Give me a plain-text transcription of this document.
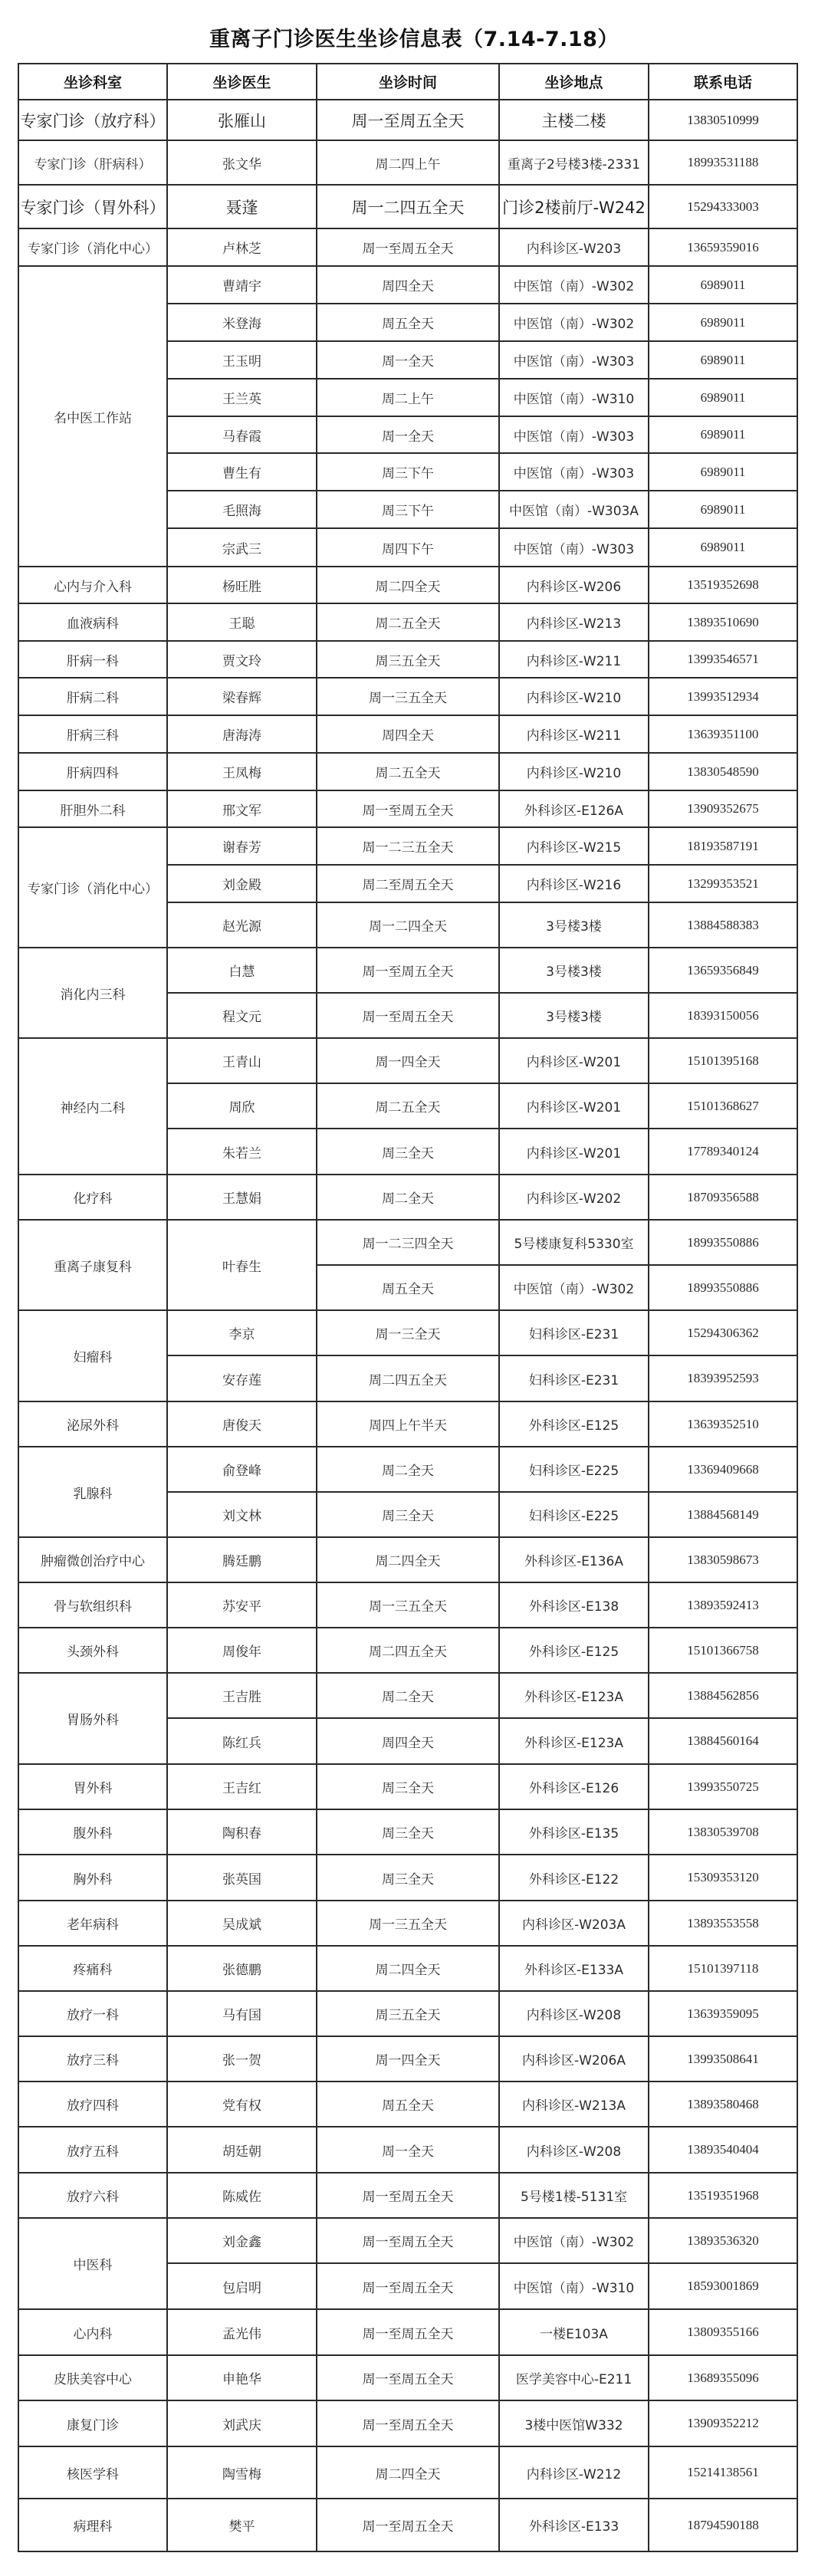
重离子门诊医生坐诊信息表（7.14-7.18）
坐诊科室	坐诊医生	坐诊时间	坐诊地点	联系电话
专家门诊（放疗科）	张雁山	周一至周五全天	主楼二楼	13830510999
专家门诊（肝病科）	张文华	周二四上午	重离子2号楼3楼-2331	18993531188
专家门诊（胃外科）	聂蓬	周一二四五全天	门诊2楼前厅-W242	15294333003
专家门诊（消化中心）	卢林芝	周一至周五全天	内科诊区-W203	13659359016
名中医工作站	曹靖宇	周四全天	中医馆（南）-W302	6989011
	米登海	周五全天	中医馆（南）-W302	6989011
	王玉明	周一全天	中医馆（南）-W303	6989011
	王兰英	周二上午	中医馆（南）-W310	6989011
	马春霞	周一全天	中医馆（南）-W303	6989011
	曹生有	周三下午	中医馆（南）-W303	6989011
	毛照海	周三下午	中医馆（南）-W303A	6989011
	宗武三	周四下午	中医馆（南）-W303	6989011
心内与介入科	杨旺胜	周二四全天	内科诊区-W206	13519352698
血液病科	王聪	周二五全天	内科诊区-W213	13893510690
肝病一科	贾文玲	周三五全天	内科诊区-W211	13993546571
肝病二科	梁春辉	周一三五全天	内科诊区-W210	13993512934
肝病三科	唐海涛	周四全天	内科诊区-W211	13639351100
肝病四科	王凤梅	周二五全天	内科诊区-W210	13830548590
肝胆外二科	邢文军	周一至周五全天	外科诊区-E126A	13909352675
专家门诊（消化中心）	谢春芳	周一二三五全天	内科诊区-W215	18193587191
	刘金殿	周二至周五全天	内科诊区-W216	13299353521
	赵光源	周一二四全天	3号楼3楼	13884588383
消化内三科	白慧	周一至周五全天	3号楼3楼	13659356849
	程文元	周一至周五全天	3号楼3楼	18393150056
神经内二科	王青山	周一四全天	内科诊区-W201	15101395168
	周欣	周二五全天	内科诊区-W201	15101368627
	朱若兰	周三全天	内科诊区-W201	17789340124
化疗科	王慧娟	周二全天	内科诊区-W202	18709356588
重离子康复科	叶春生	周一二三四全天	5号楼康复科5330室	18993550886
		周五全天	中医馆（南）-W302	18993550886
妇瘤科	李京	周一三全天	妇科诊区-E231	15294306362
	安存莲	周二四五全天	妇科诊区-E231	18393952593
泌尿外科	唐俊天	周四上午半天	外科诊区-E125	13639352510
乳腺科	俞登峰	周二全天	妇科诊区-E225	13369409668
	刘文林	周三全天	妇科诊区-E225	13884568149
肿瘤微创治疗中心	腾廷鹏	周二四全天	外科诊区-E136A	13830598673
骨与软组织科	苏安平	周一三五全天	外科诊区-E138	13893592413
头颈外科	周俊年	周二四五全天	外科诊区-E125	15101366758
胃肠外科	王吉胜	周二全天	外科诊区-E123A	13884562856
	陈红兵	周四全天	外科诊区-E123A	13884560164
胃外科	王吉红	周三全天	外科诊区-E126	13993550725
腹外科	陶积春	周三全天	外科诊区-E135	13830539708
胸外科	张英国	周三全天	外科诊区-E122	15309353120
老年病科	吴成斌	周一三五全天	内科诊区-W203A	13893553558
疼痛科	张德鹏	周二四全天	外科诊区-E133A	15101397118
放疗一科	马有国	周三五全天	内科诊区-W208	13639359095
放疗三科	张一贺	周一四全天	内科诊区-W206A	13993508641
放疗四科	党有权	周五全天	内科诊区-W213A	13893580468
放疗五科	胡廷朝	周一全天	内科诊区-W208	13893540404
放疗六科	陈威佐	周一至周五全天	5号楼1楼-5131室	13519351968
中医科	刘金鑫	周一至周五全天	中医馆（南）-W302	13893536320
	包启明	周一至周五全天	中医馆（南）-W310	18593001869
心内科	孟光伟	周一至周五全天	一楼E103A	13809355166
皮肤美容中心	申艳华	周一至周五全天	医学美容中心-E211	13689355096
康复门诊	刘武庆	周一至周五全天	3楼中医馆W332	13909352212
核医学科	陶雪梅	周二四全天	内科诊区-W212	15214138561
病理科	樊平	周一至周五全天	外科诊区-E133	18794590188
